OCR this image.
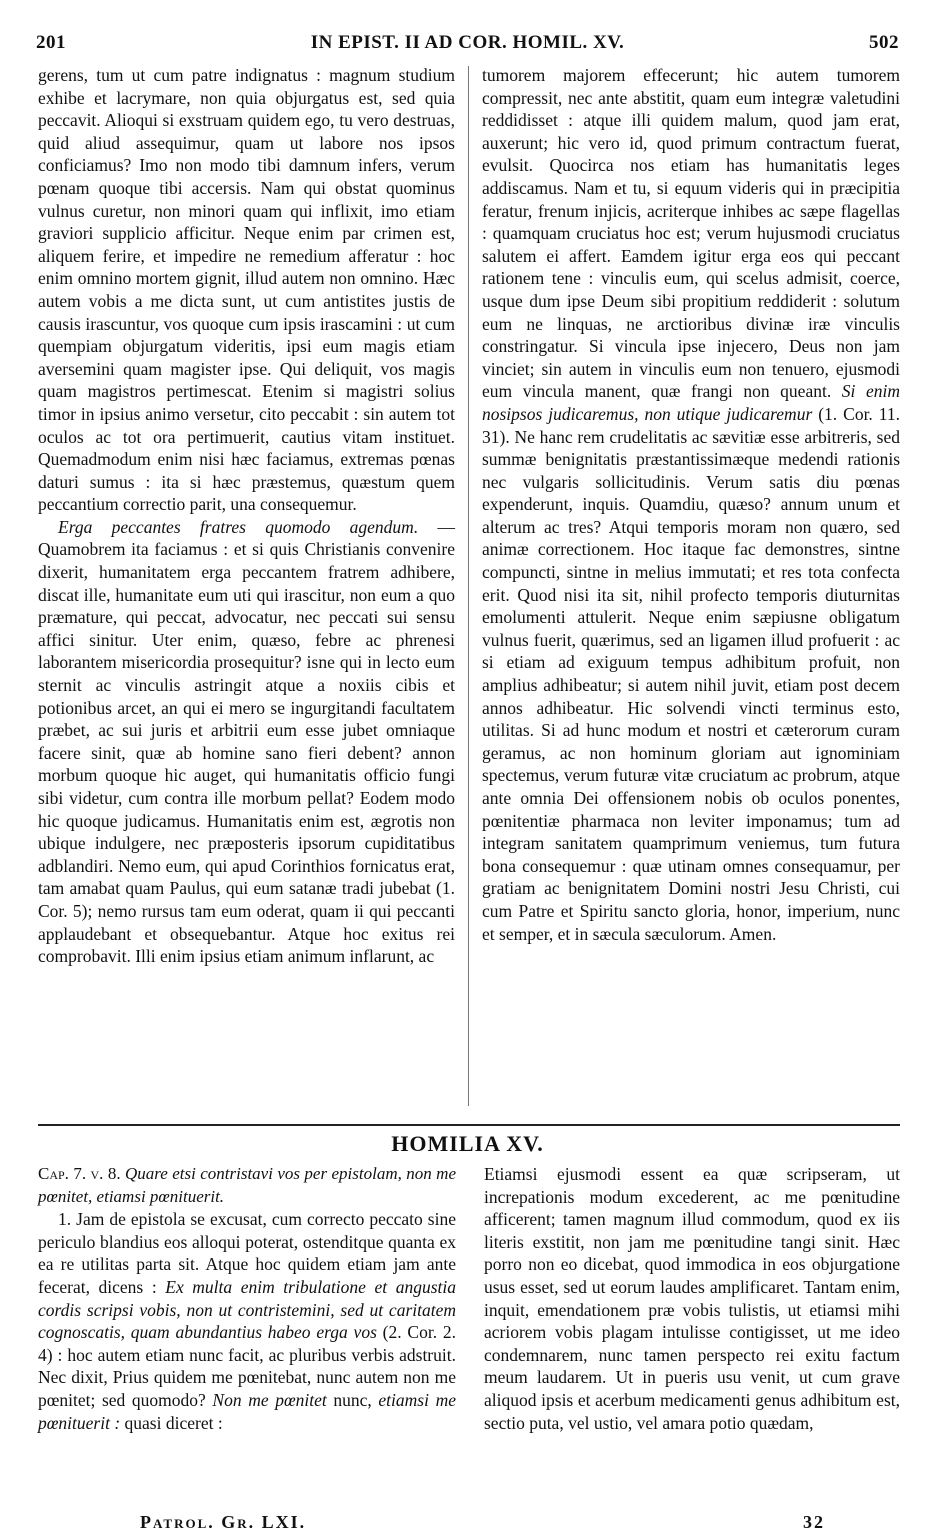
201	IN EPIST. II AD COR. HOMIL. XV.	502

gerens, tum ut cum patre indignatus : magnum studium exhibe et lacrymare, non quia objurgatus est, sed quia peccavit. Alioqui si exstruam quidem ego, tu vero destruas, quid aliud assequimur, quam ut labore nos ipsos conficiamus? Imo non modo tibi damnum infers, verum pœnam quoque tibi accersis. Nam qui obstat quominus vulnus curetur, non minori quam qui inflixit, imo etiam graviori supplicio afficitur. Neque enim par crimen est, aliquem ferire, et impedire ne remedium afferatur : hoc enim omnino mortem gignit, illud autem non omnino. Hæc autem vobis a me dicta sunt, ut cum antistites justis de causis irascuntur, vos quoque cum ipsis irascamini : ut cum quempiam objurgatum videritis, ipsi eum magis etiam aversemini quam magister ipse. Qui deliquit, vos magis quam magistros pertimescat. Etenim si magistri solius timor in ipsius animo versetur, cito peccabit : sin autem tot oculos ac tot ora pertimuerit, cautius vitam instituet. Quemadmodum enim nisi hæc faciamus, extremas pœnas daturi sumus : ita si hæc præstemus, quæstum quem peccantium correctio parit, una consequemur.

Erga peccantes fratres quomodo agendum. — Quamobrem ita faciamus : et si quis Christianis convenire dixerit, humanitatem erga peccantem fratrem adhibere, discat ille, humanitate eum uti qui irascitur, non eum a quo præmature, qui peccat, advocatur, nec peccati sui sensu affici sinitur. Uter enim, quæso, febre ac phrenesi laborantem misericordia prosequitur? isne qui in lecto eum sternit ac vinculis astringit atque a noxiis cibis et potionibus arcet, an qui ei mero se ingurgitandi facultatem præbet, ac sui juris et arbitrii eum esse jubet omniaque facere sinit, quæ ab homine sano fieri debent? annon morbum quoque hic auget, qui humanitatis officio fungi sibi videtur, cum contra ille morbum pellat? Eodem modo hic quoque judicamus. Humanitatis enim est, ægrotis non ubique indulgere, nec præposteris ipsorum cupiditatibus adblandiri. Nemo eum, qui apud Corinthios fornicatus erat, tam amabat quam Paulus, qui eum satanæ tradi jubebat (1. Cor. 5); nemo rursus tam eum oderat, quam ii qui peccanti applaudebant et obsequebantur. Atque hoc exitus rei comprobavit. Illi enim ipsius etiam animum inflarunt, ac

tumorem majorem effecerunt; hic autem tumorem compressit, nec ante abstitit, quam eum integræ valetudini reddidisset : atque illi quidem malum, quod jam erat, auxerunt; hic vero id, quod primum contractum fuerat, evulsit. Quocirca nos etiam has humanitatis leges addiscamus. Nam et tu, si equum videris qui in præcipitia feratur, frenum injicis, acriterque inhibes ac sæpe flagellas : quamquam cruciatus hoc est; verum hujusmodi cruciatus salutem ei affert. Eamdem igitur erga eos qui peccant rationem tene : vinculis eum, qui scelus admisit, coerce, usque dum ipse Deum sibi propitium reddiderit : solutum eum ne linquas, ne arctioribus divinæ iræ vinculis constringatur. Si vincula ipse injecero, Deus non jam vinciet; sin autem in vinculis eum non tenuero, ejusmodi eum vincula manent, quæ frangi non queant. Si enim nosipsos judicaremus, non utique judicaremur (1. Cor. 11. 31). Ne hanc rem crudelitatis ac sævitiæ esse arbitreris, sed summæ benignitatis præstantissimæque medendi rationis nec vulgaris sollicitudinis. Verum satis diu pœnas expenderunt, inquis. Quamdiu, quæso? annum unum et alterum ac tres? Atqui temporis moram non quæro, sed animæ correctionem. Hoc itaque fac demonstres, sintne compuncti, sintne in melius immutati; et res tota confecta erit. Quod nisi ita sit, nihil profecto temporis diuturnitas emolumenti attulerit. Neque enim sæpiusne obligatum vulnus fuerit, quærimus, sed an ligamen illud profuerit : ac si etiam ad exiguum tempus adhibitum profuit, non amplius adhibeatur; si autem nihil juvit, etiam post decem annos adhibeatur. Hic solvendi vincti terminus esto, utilitas. Si ad hunc modum et nostri et cæterorum curam geramus, ac non hominum gloriam aut ignominiam spectemus, verum futuræ vitæ cruciatum ac probrum, atque ante omnia Dei offensionem nobis ob oculos ponentes, pœnitentiæ pharmaca non leviter imponamus; tum ad integram sanitatem quamprimum veniemus, tum futura bona consequemur : quæ utinam omnes consequamur, per gratiam ac benignitatem Domini nostri Jesu Christi, cui cum Patre et Spiritu sancto gloria, honor, imperium, nunc et semper, et in sæcula sæculorum. Amen.

HOMILIA XV.

Cap. 7. v. 8. Quare etsi contristavi vos per epistolam, non me pœnitet, etiamsi pœnituerit.

1. Jam de epistola se excusat, cum correcto peccato sine periculo blandius eos alloqui poterat, ostenditque quanta ex ea re utilitas parta sit. Atque hoc quidem etiam jam ante fecerat, dicens : Ex multa enim tribulatione et angustia cordis scripsi vobis, non ut contristemini, sed ut caritatem cognoscatis, quam abundantius habeo erga vos (2. Cor. 2. 4) : hoc autem etiam nunc facit, ac pluribus verbis adstruit. Nec dixit, Prius quidem me pœnitebat, nunc autem non me pœnitet; sed quomodo? Non me pœnitet nunc, etiamsi me pœnituerit : quasi diceret :

Etiamsi ejusmodi essent ea quæ scripseram, ut increpationis modum excederent, ac me pœnitudine afficerent; tamen magnum illud commodum, quod ex iis literis exstitit, non jam me pœnitudine tangi sinit. Hæc porro non eo dicebat, quod immodica in eos objurgatione usus esset, sed ut eorum laudes amplificaret. Tantam enim, inquit, emendationem præ vobis tulistis, ut etiamsi mihi acriorem vobis plagam intulisse contigisset, ut me ideo condemnarem, nunc tamen perspecto rei exitu factum meum laudarem. Ut in pueris usu venit, ut cum grave aliquod ipsis et acerbum medicamenti genus adhibitum est, sectio puta, vel ustio, vel amara potio quædam,

Patrol. Gr. LXI.	32
